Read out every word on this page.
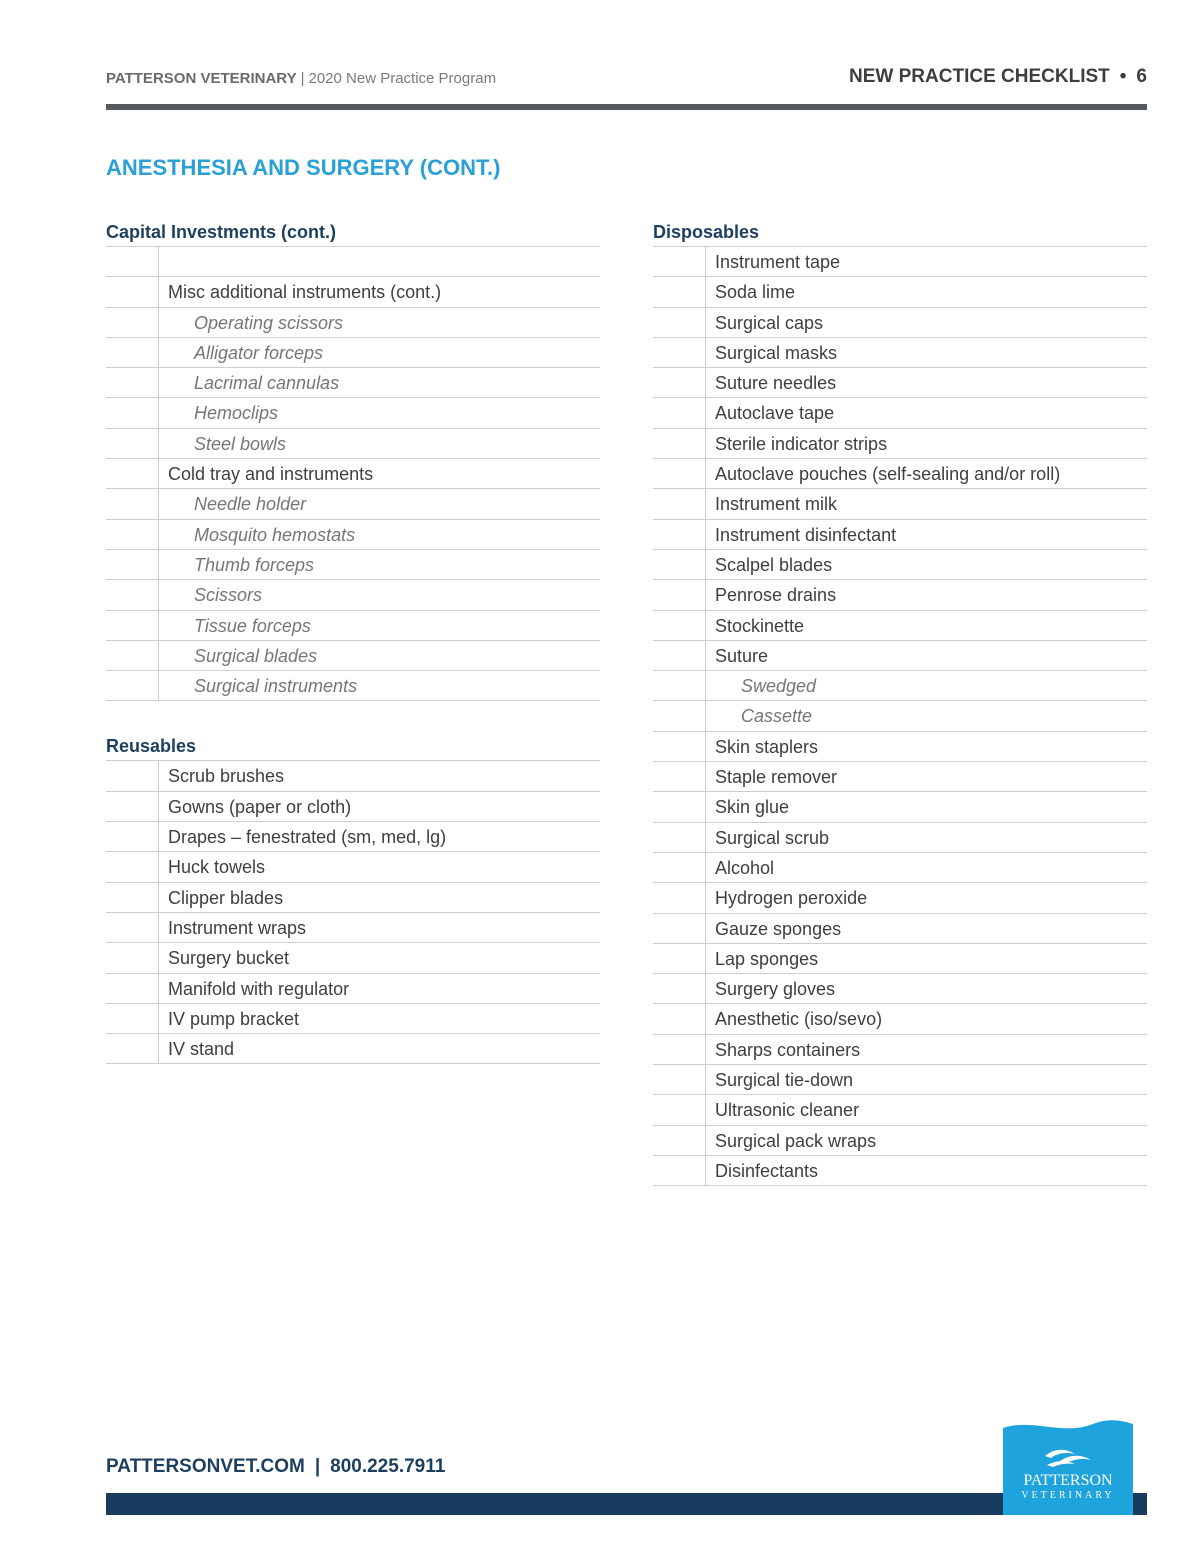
PATTERSON VETERINARY | 2020 New Practice Program	NEW PRACTICE CHECKLIST • 6
ANESTHESIA AND SURGERY (CONT.)
Capital Investments (cont.)
Misc additional instruments (cont.)
Operating scissors
Alligator forceps
Lacrimal cannulas
Hemoclips
Steel bowls
Cold tray and instruments
Needle holder
Mosquito hemostats
Thumb forceps
Scissors
Tissue forceps
Surgical blades
Surgical instruments
Reusables
Scrub brushes
Gowns (paper or cloth)
Drapes – fenestrated (sm, med, lg)
Huck towels
Clipper blades
Instrument wraps
Surgery bucket
Manifold with regulator
IV pump bracket
IV stand
Disposables
Instrument tape
Soda lime
Surgical caps
Surgical masks
Suture needles
Autoclave tape
Sterile indicator strips
Autoclave pouches (self-sealing and/or roll)
Instrument milk
Instrument disinfectant
Scalpel blades
Penrose drains
Stockinette
Suture
Swedged
Cassette
Skin staplers
Staple remover
Skin glue
Surgical scrub
Alcohol
Hydrogen peroxide
Gauze sponges
Lap sponges
Surgery gloves
Anesthetic (iso/sevo)
Sharps containers
Surgical tie-down
Ultrasonic cleaner
Surgical pack wraps
Disinfectants
PATTERSONVET.COM | 800.225.7911
PATTERSON
VETERINARY
